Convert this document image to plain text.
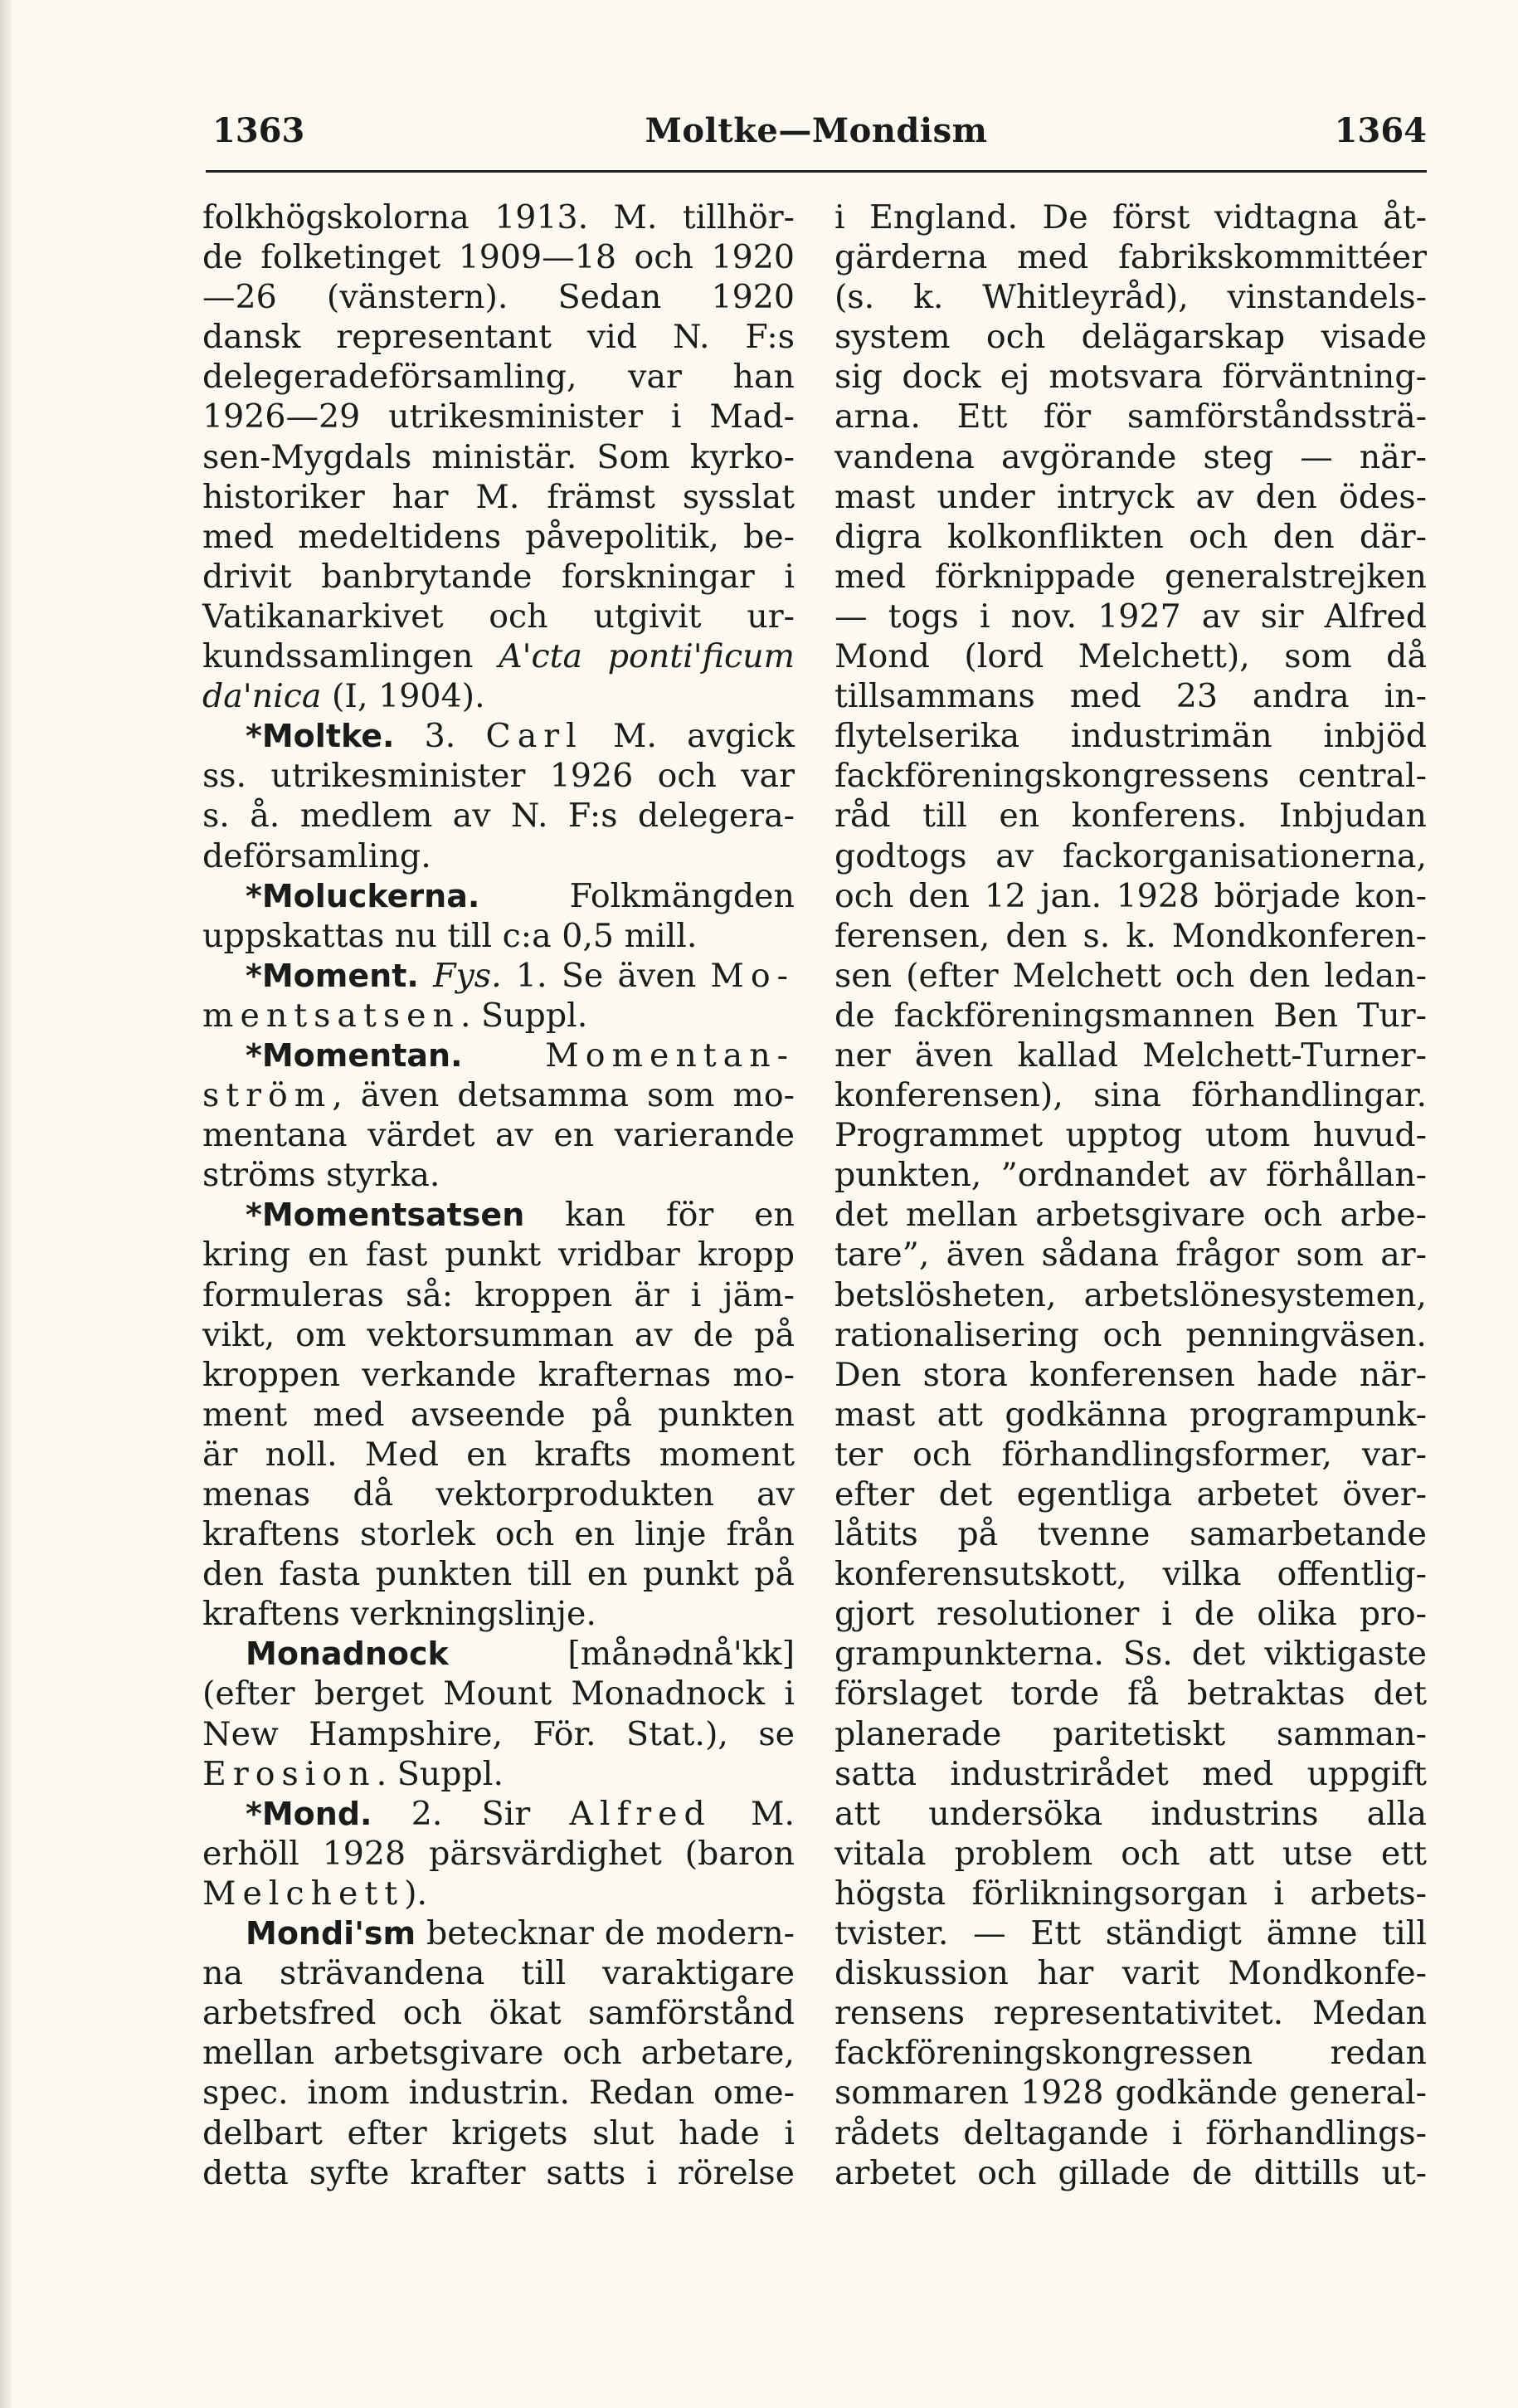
Moltke—Mondism
1363	1364
folkhögskolorna 1913. M. tillhör-
de folketinget 1909—18 och 1920
—26 (vänstern). Sedan 1920
dansk representant vid N. F:s
delegeradeförsamling, var han
1926—29 utrikesminister i Mad-
sen-Mygdals ministär. Som kyrko-
historiker har M. främst sysslat
med medeltidens påvepolitik, be-
drivit banbrytande forskningar i
Vatikanarkivet och utgivit ur-
kundssamlingen A'cta ponti'ficum
da'nica (I, 1904).
*Moltke. 3. Carl M. avgick
ss. utrikesminister 1926 och var
s. å. medlem av N. F:s delegera-
deförsamling.
*Moluckerna. Folkmängden
uppskattas nu till c:a 0,5 mill.
*Moment. Fys. 1. Se även Mo-
mentsatsen. Suppl.
*Momentan. Momentan-
ström, även detsamma som mo-
mentana värdet av en varierande
ströms styrka.
*Momentsatsen kan för en
kring en fast punkt vridbar kropp
formuleras så: kroppen är i jäm-
vikt, om vektorsumman av de på
kroppen verkande krafternas mo-
ment med avseende på punkten
är noll. Med en krafts moment
menas då vektorprodukten av
kraftens storlek och en linje från
den fasta punkten till en punkt på
kraftens verkningslinje.
Monadnock [månədnå'kk]
(efter berget Mount Monadnock i
New Hampshire, För. Stat.), se
Erosion. Suppl.
*Mond. 2. Sir Alfred M.
erhöll 1928 pärsvärdighet (baron
Melchett).
Mondi'sm betecknar de modern-
na strävandena till varaktigare
arbetsfred och ökat samförstånd
mellan arbetsgivare och arbetare,
spec. inom industrin. Redan ome-
delbart efter krigets slut hade i
detta syfte krafter satts i rörelse
i England. De först vidtagna åt-
gärderna med fabrikskommittéer
(s. k. Whitleyråd), vinstandels-
system och delägarskap visade
sig dock ej motsvara förväntning-
arna. Ett för samförståndssträ-
vandena avgörande steg — när-
mast under intryck av den ödes-
digra kolkonflikten och den där-
med förknippade generalstrejken
— togs i nov. 1927 av sir Alfred
Mond (lord Melchett), som då
tillsammans med 23 andra in-
flytelserika industrimän inbjöd
fackföreningskongressens central-
råd till en konferens. Inbjudan
godtogs av fackorganisationerna,
och den 12 jan. 1928 började kon-
ferensen, den s. k. Mondkonferen-
sen (efter Melchett och den ledan-
de fackföreningsmannen Ben Tur-
ner även kallad Melchett-Turner-
konferensen), sina förhandlingar.
Programmet upptog utom huvud-
punkten, ”ordnandet av förhållan-
det mellan arbetsgivare och arbe-
tare”, även sådana frågor som ar-
betslösheten, arbetslönesystemen,
rationalisering och penningväsen.
Den stora konferensen hade när-
mast att godkänna programpunk-
ter och förhandlingsformer, var-
efter det egentliga arbetet över-
låtits på tvenne samarbetande
konferensutskott, vilka offentlig-
gjort resolutioner i de olika pro-
grampunkterna. Ss. det viktigaste
förslaget torde få betraktas det
planerade paritetiskt samman-
satta industrirådet med uppgift
att undersöka industrins alla
vitala problem och att utse ett
högsta förlikningsorgan i arbets-
tvister. — Ett ständigt ämne till
diskussion har varit Mondkonfe-
rensens representativitet. Medan
fackföreningskongressen redan
sommaren 1928 godkände general-
rådets deltagande i förhandlings-
arbetet och gillade de dittills ut-
